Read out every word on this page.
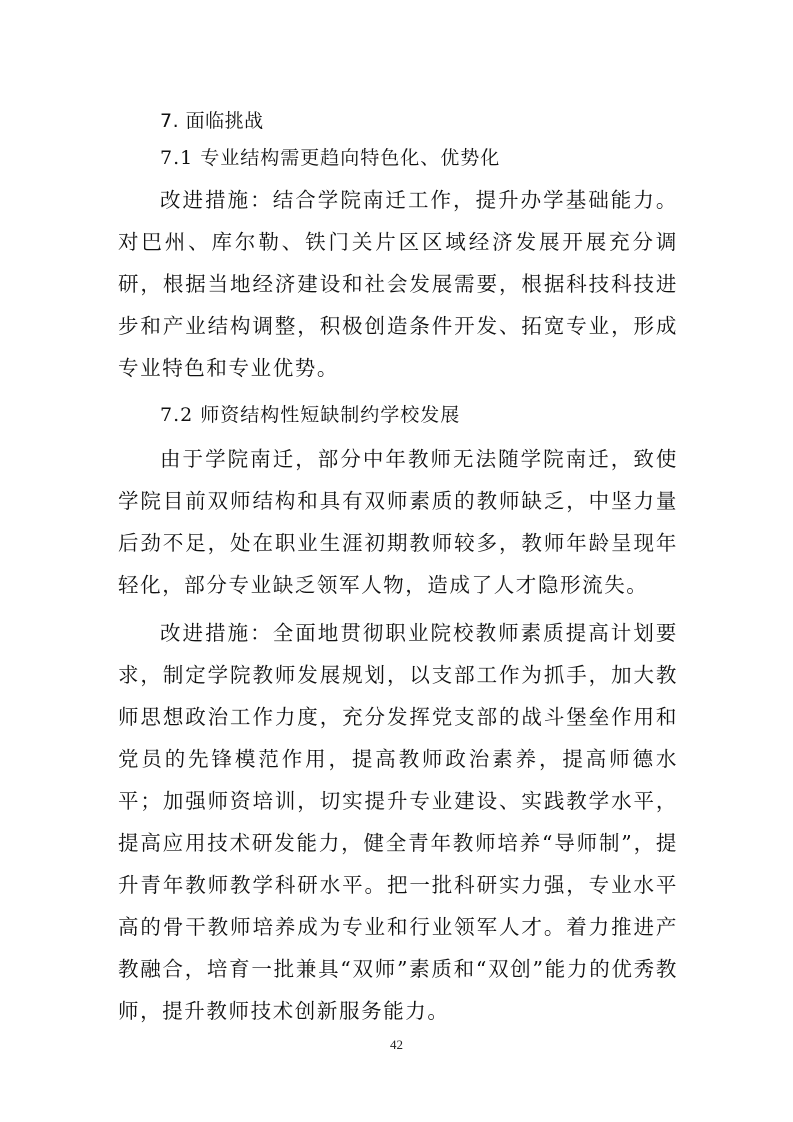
7. 面临挑战
7.1 专业结构需更趋向特色化、优势化

改进措施：结合学院南迁工作，提升办学基础能力。对巴州、库尔勒、铁门关片区区域经济发展开展充分调研，根据当地经济建设和社会发展需要，根据科技科技进步和产业结构调整，积极创造条件开发、拓宽专业，形成专业特色和专业优势。

7.2 师资结构性短缺制约学校发展

由于学院南迁，部分中年教师无法随学院南迁，致使学院目前双师结构和具有双师素质的教师缺乏，中坚力量后劲不足，处在职业生涯初期教师较多，教师年龄呈现年轻化，部分专业缺乏领军人物，造成了人才隐形流失。

改进措施：全面地贯彻职业院校教师素质提高计划要求，制定学院教师发展规划，以支部工作为抓手，加大教师思想政治工作力度，充分发挥党支部的战斗堡垒作用和党员的先锋模范作用，提高教师政治素养，提高师德水平；加强师资培训，切实提升专业建设、实践教学水平，提高应用技术研发能力，健全青年教师培养“导师制”，提升青年教师教学科研水平。把一批科研实力强，专业水平高的骨干教师培养成为专业和行业领军人才。着力推进产教融合，培育一批兼具“双师”素质和“双创”能力的优秀教师，提升教师技术创新服务能力。

42
